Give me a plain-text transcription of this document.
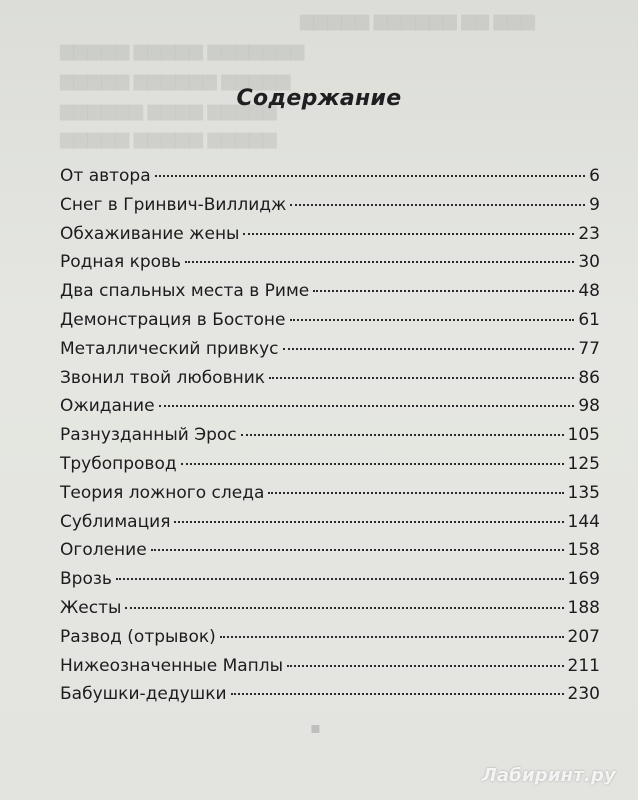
▆▆▆ ▆▆ ▆▆▆▆▆▆ ▆▆▆▆▆
▆▆▆▆▆▆▆ ▆▆▆▆▆ ▆▆▆▆▆
▆▆▆▆▆ ▆▆▆▆▆▆ ▆▆▆▆▆
▆▆▆▆▆ ▆▆▆▆ ▆▆▆▆▆▆
▆▆▆▆▆ ▆▆▆▆▆ ▆▆▆▆▆
Содержание
От автора	6
Снег в Гринвич-Виллидж	9
Обхаживание жены	23
Родная кровь	30
Два спальных места в Риме	48
Демонстрация в Бостоне	61
Металлический привкус	77
Звонил твой любовник	86
Ожидание	98
Разнузданный Эрос	105
Трубопровод	125
Теория ложного следа	135
Сублимация	144
Оголение	158
Врозь	169
Жесты	188
Развод (отрывок)	207
Нижеозначенные Маплы	211
Бабушки-дедушки	230
▪
Лабиринт.ру
